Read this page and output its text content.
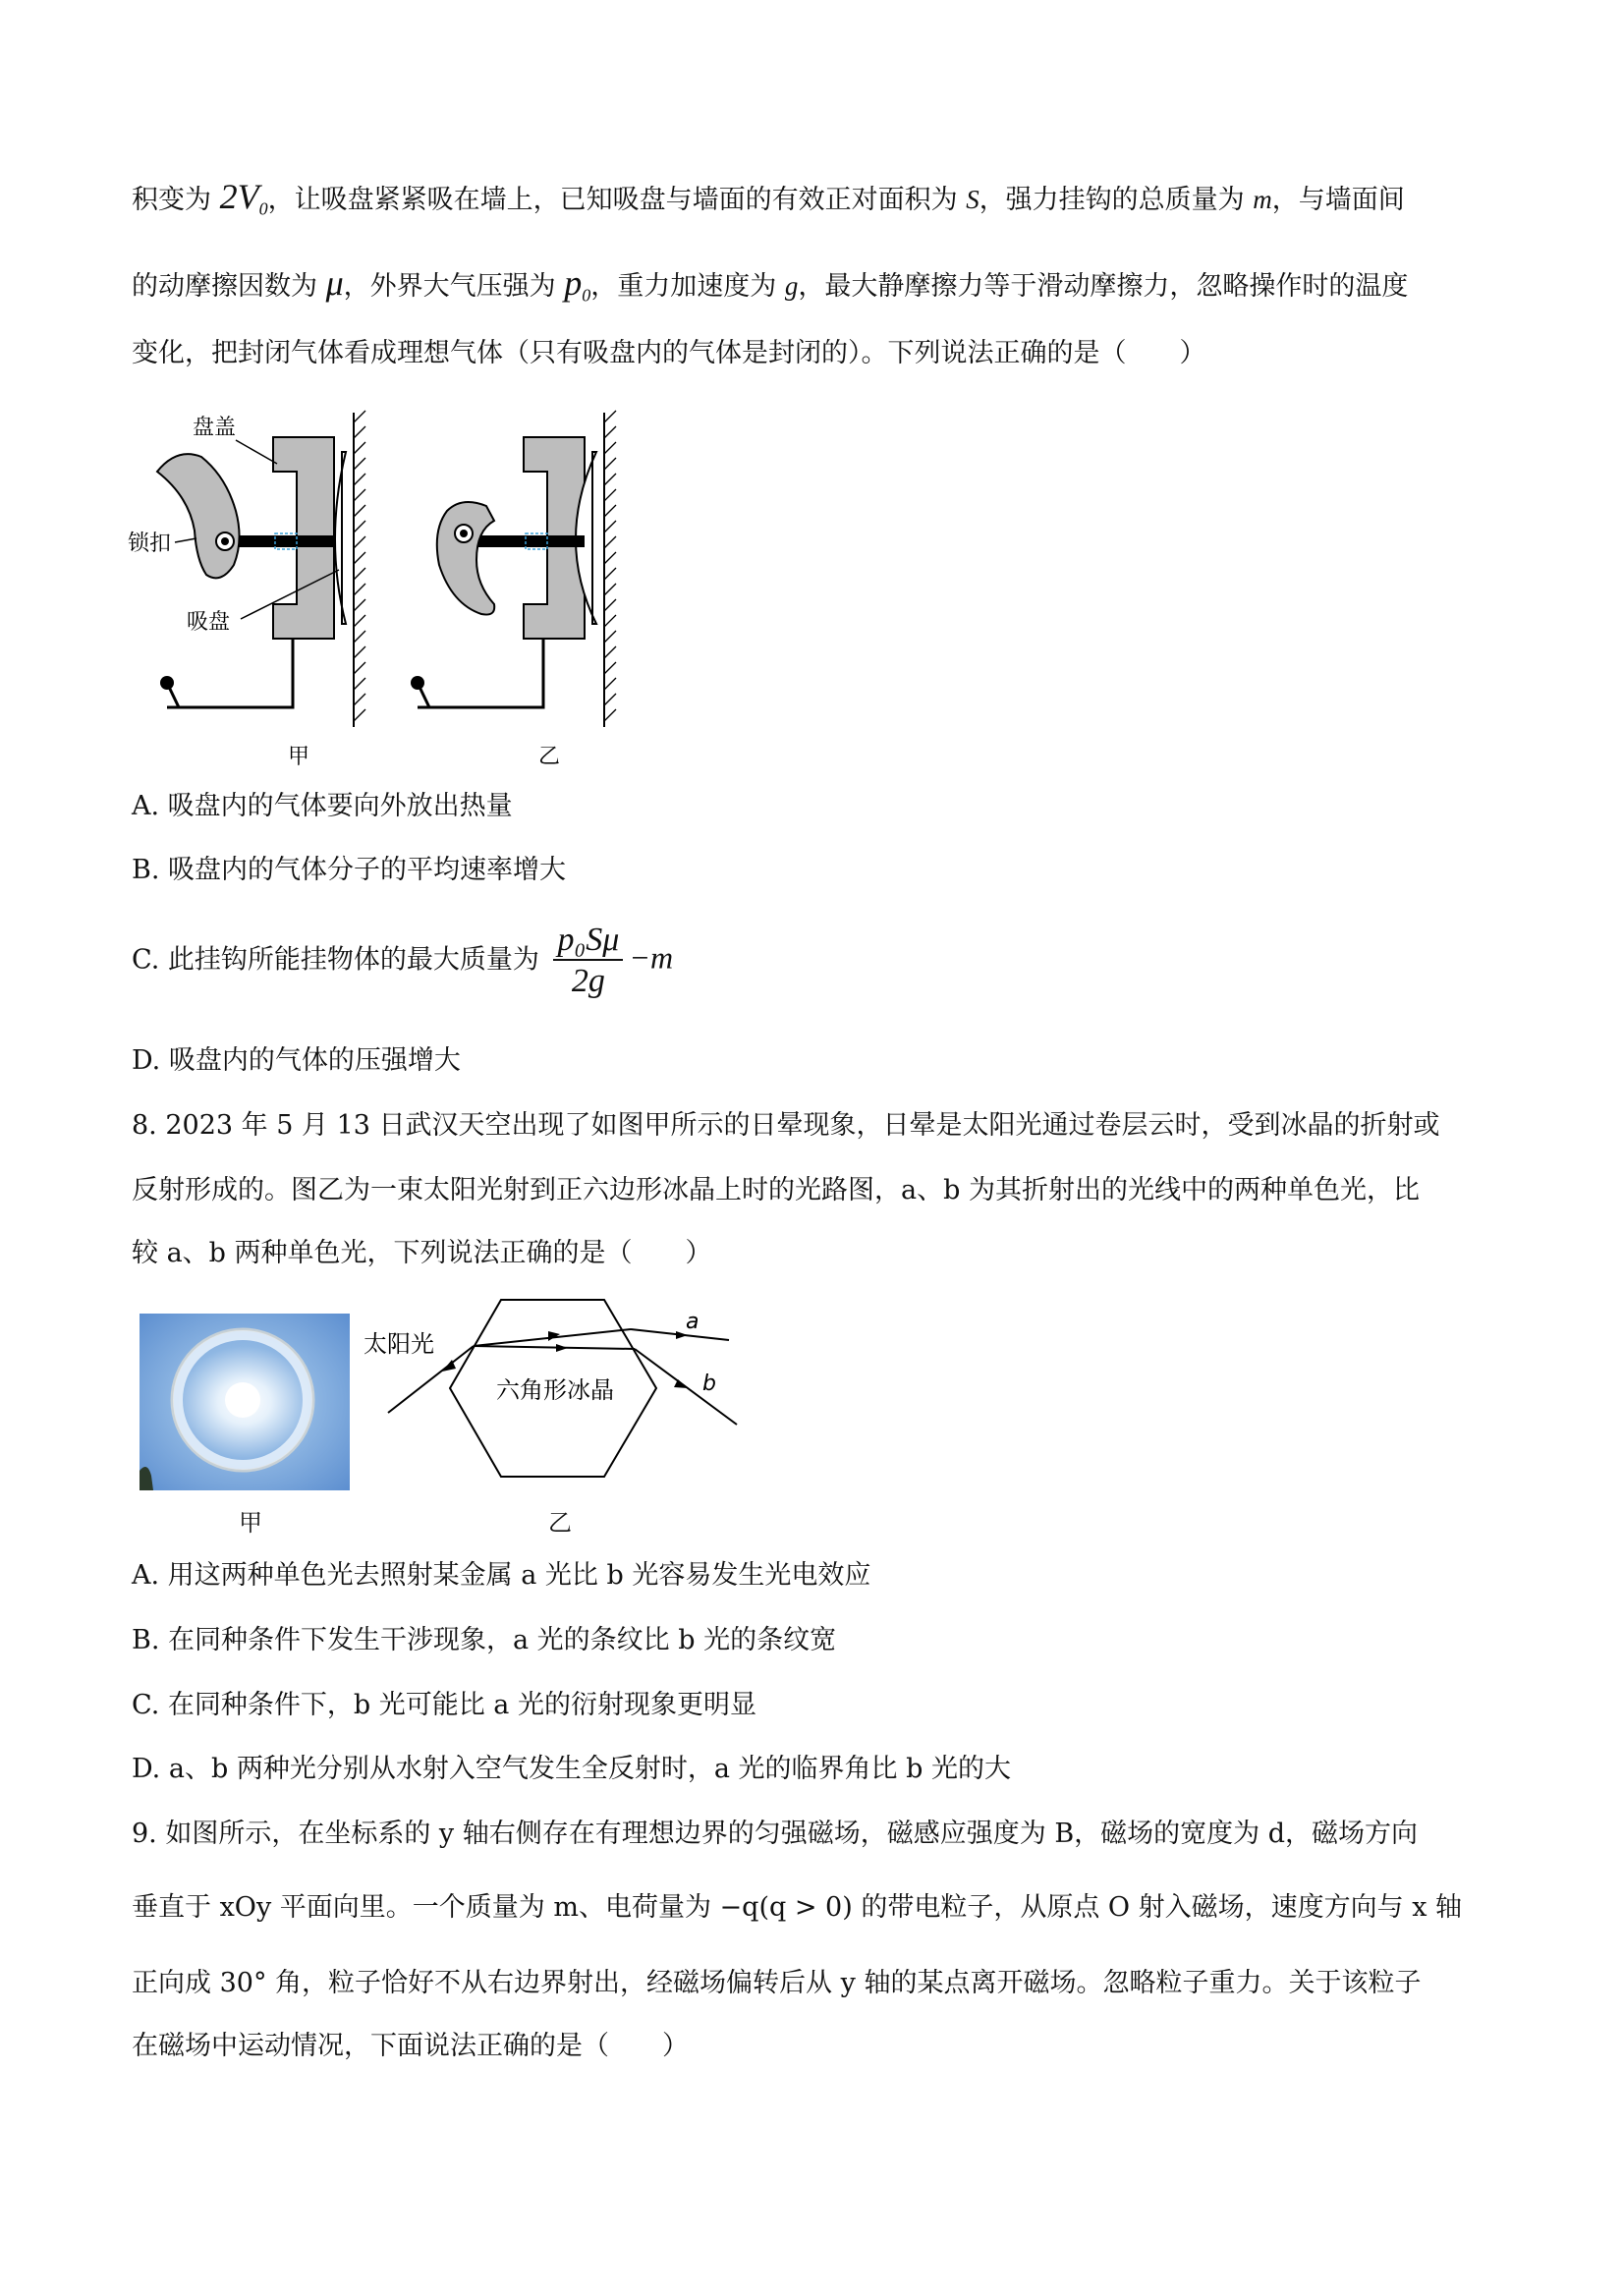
积变为 $2V_0$，让吸盘紧紧吸在墙上，已知吸盘与墙面的有效正对面积为 S，强力挂钩的总质量为 m，与墙面间
的动摩擦因数为 μ，外界大气压强为 $p_0$，重力加速度为 g，最大静摩擦力等于滑动摩擦力，忽略操作时的温度
变化，把封闭气体看成理想气体（只有吸盘内的气体是封闭的）。下列说法正确的是（　　）
盘盖
锁扣
吸盘
甲	乙
A. 吸盘内的气体要向外放出热量
B. 吸盘内的气体分子的平均速率增大
C. 此挂钩所能挂物体的最大质量为 $\frac{\text{p₀Sμ}}{2g} -m$
D. 吸盘内的气体的压强增大
8. 2023 年 5 月 13 日武汉天空出现了如图甲所示的日晕现象，日晕是太阳光通过卷层云时，受到冰晶的折射或
反射形成的。图乙为一束太阳光射到正六边形冰晶上时的光路图，a、b 为其折射出的光线中的两种单色光，比
较 a、b 两种单色光，下列说法正确的是（　　）
甲
太阳光
六角形冰晶
a
b
乙
A. 用这两种单色光去照射某金属 a 光比 b 光容易发生光电效应
B. 在同种条件下发生干涉现象，a 光的条纹比 b 光的条纹宽
C. 在同种条件下，b 光可能比 a 光的衍射现象更明显
D. a、b 两种光分别从水射入空气发生全反射时，a 光的临界角比 b 光的大
9. 如图所示，在坐标系的 y 轴右侧存在有理想边界的匀强磁场，磁感应强度为 B，磁场的宽度为 d，磁场方向
垂直于 xOy 平面向里。一个质量为 m、电荷量为 −q(q > 0) 的带电粒子，从原点 O 射入磁场，速度方向与 x 轴
正向成 30° 角，粒子恰好不从右边界射出，经磁场偏转后从 y 轴的某点离开磁场。忽略粒子重力。关于该粒子
在磁场中运动情况，下面说法正确的是（　　）
